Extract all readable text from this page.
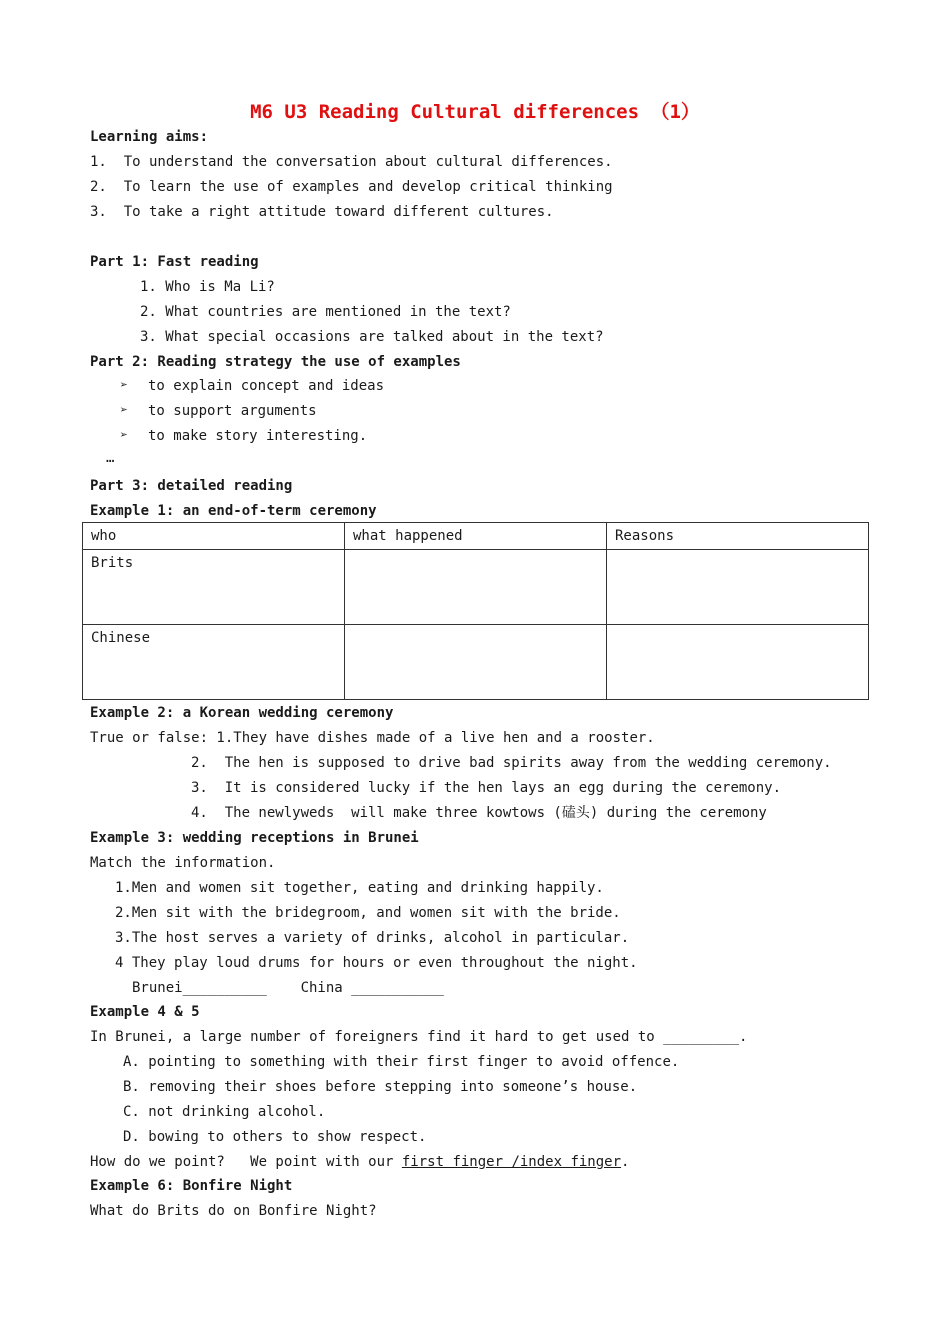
M6 U3 Reading Cultural differences （1）
Learning aims:
1.  To understand the conversation about cultural differences.
2.  To learn the use of examples and develop critical thinking
3.  To take a right attitude toward different cultures.
Part 1: Fast reading
1. Who is Ma Li?
2. What countries are mentioned in the text?
3. What special occasions are talked about in the text?
Part 2: Reading strategy the use of examples
➢ to explain concept and ideas
➢ to support arguments
➢ to make story interesting.
…
Part 3: detailed reading
Example 1: an end-of-term ceremony
who	what happened	Reasons
Brits		
Chinese		
Example 2: a Korean wedding ceremony
True or false: 1.They have dishes made of a live hen and a rooster.
2.  The hen is supposed to drive bad spirits away from the wedding ceremony.
3.  It is considered lucky if the hen lays an egg during the ceremony.
4.  The newlyweds  will make three kowtows (磕头) during the ceremony
Example 3: wedding receptions in Brunei
Match the information.
1.Men and women sit together, eating and drinking happily.
2.Men sit with the bridegroom, and women sit with the bride.
3.The host serves a variety of drinks, alcohol in particular.
4 They play loud drums for hours or even throughout the night.
Brunei__________    China ___________
Example 4 & 5
In Brunei, a large number of foreigners find it hard to get used to _________.
A. pointing to something with their first finger to avoid offence.
B. removing their shoes before stepping into someone’s house.
C. not drinking alcohol.
D. bowing to others to show respect.
How do we point?   We point with our first finger /index finger.
Example 6: Bonfire Night
What do Brits do on Bonfire Night?
